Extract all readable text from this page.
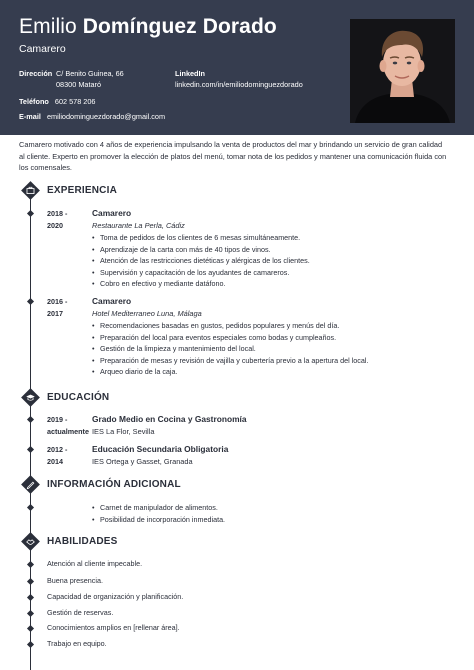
Emilio Domínguez Dorado
Camarero
Dirección C/ Benito Guinea, 66
08300 Mataró
Teléfono 602 578 206
E-mail emiliodominguezdorado@gmail.com
LinkedIn
linkedin.com/in/emiliodominguezdorado
Camarero motivado con 4 años de experiencia impulsando la venta de productos del mar y brindando un servicio de gran calidad al cliente. Experto en promover la elección de platos del menú, tomar nota de los pedidos y mantener una comunicación fluida con los comensales.
EXPERIENCIA
2018 -
2020
Camarero
Restaurante La Perla, Cádiz
• Toma de pedidos de los clientes de 6 mesas simultáneamente.
• Aprendizaje de la carta con más de 40 tipos de vinos.
• Atención de las restricciones dietéticas y alérgicas de los clientes.
• Supervisión y capacitación de los ayudantes de camareros.
• Cobro en efectivo y mediante datáfono.
2016 -
2017
Camarero
Hotel Mediterraneo Luna, Málaga
• Recomendaciones basadas en gustos, pedidos populares y menús del día.
• Preparación del local para eventos especiales como bodas y cumpleaños.
• Gestión de la limpieza y mantenimiento del local.
• Preparación de mesas y revisión de vajilla y cubertería previo a la apertura del local.
• Arqueo diario de la caja.
EDUCACIÓN
2019 -
actualmente
Grado Medio en Cocina y Gastronomía
IES La Flor, Sevilla
2012 -
2014
Educación Secundaria Obligatoria
IES Ortega y Gasset, Granada
INFORMACIÓN ADICIONAL
• Carnet de manipulador de alimentos.
• Posibilidad de incorporación inmediata.
HABILIDADES
Atención al cliente impecable.
Buena presencia.
Capacidad de organización y planificación.
Gestión de reservas.
Conocimientos amplios en [rellenar área].
Trabajo en equipo.
